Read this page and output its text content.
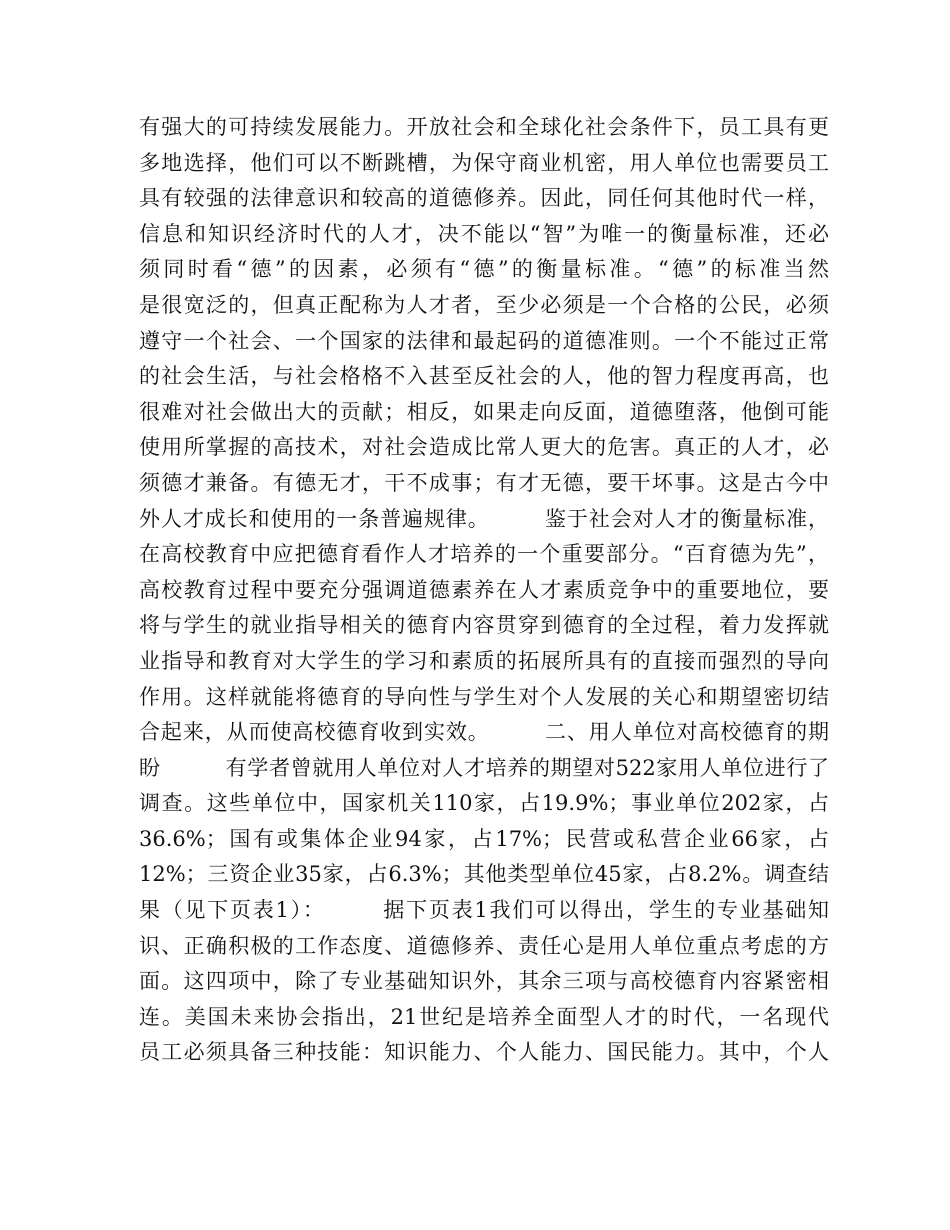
有强大的可持续发展能力。开放社会和全球化社会条件下，员工具有更
多地选择，他们可以不断跳槽，为保守商业机密，用人单位也需要员工
具有较强的法律意识和较高的道德修养。因此，同任何其他时代一样，
信息和知识经济时代的人才，决不能以“智”为唯一的衡量标准，还必
须同时看“德”的因素，必须有“德”的衡量标准。“德”的标准当然
是很宽泛的，但真正配称为人才者，至少必须是一个合格的公民，必须
遵守一个社会、一个国家的法律和最起码的道德准则。一个不能过正常
的社会生活，与社会格格不入甚至反社会的人，他的智力程度再高，也
很难对社会做出大的贡献；相反，如果走向反面，道德堕落，他倒可能
使用所掌握的高技术，对社会造成比常人更大的危害。真正的人才，必
须德才兼备。有德无才，干不成事；有才无德，要干坏事。这是古今中
外人才成长和使用的一条普遍规律。　　　鉴于社会对人才的衡量标准，
在高校教育中应把德育看作人才培养的一个重要部分。“百育德为先”，
高校教育过程中要充分强调道德素养在人才素质竞争中的重要地位，要
将与学生的就业指导相关的德育内容贯穿到德育的全过程，着力发挥就
业指导和教育对大学生的学习和素质的拓展所具有的直接而强烈的导向
作用。这样就能将德育的导向性与学生对个人发展的关心和期望密切结
合起来，从而使高校德育收到实效。　　　二、用人单位对高校德育的期
盼　　　有学者曾就用人单位对人才培养的期望对522家用人单位进行了
调查。这些单位中，国家机关110家，占19.9%；事业单位202家，占
36.6%；国有或集体企业94家，占17%；民营或私营企业66家，占
12%；三资企业35家，占6.3%；其他类型单位45家，占8.2%。调查结
果（见下页表1）：　　　据下页表1我们可以得出，学生的专业基础知
识、正确积极的工作态度、道德修养、责任心是用人单位重点考虑的方
面。这四项中，除了专业基础知识外，其余三项与高校德育内容紧密相
连。美国未来协会指出，21世纪是培养全面型人才的时代，一名现代
员工必须具备三种技能：知识能力、个人能力、国民能力。其中，个人
